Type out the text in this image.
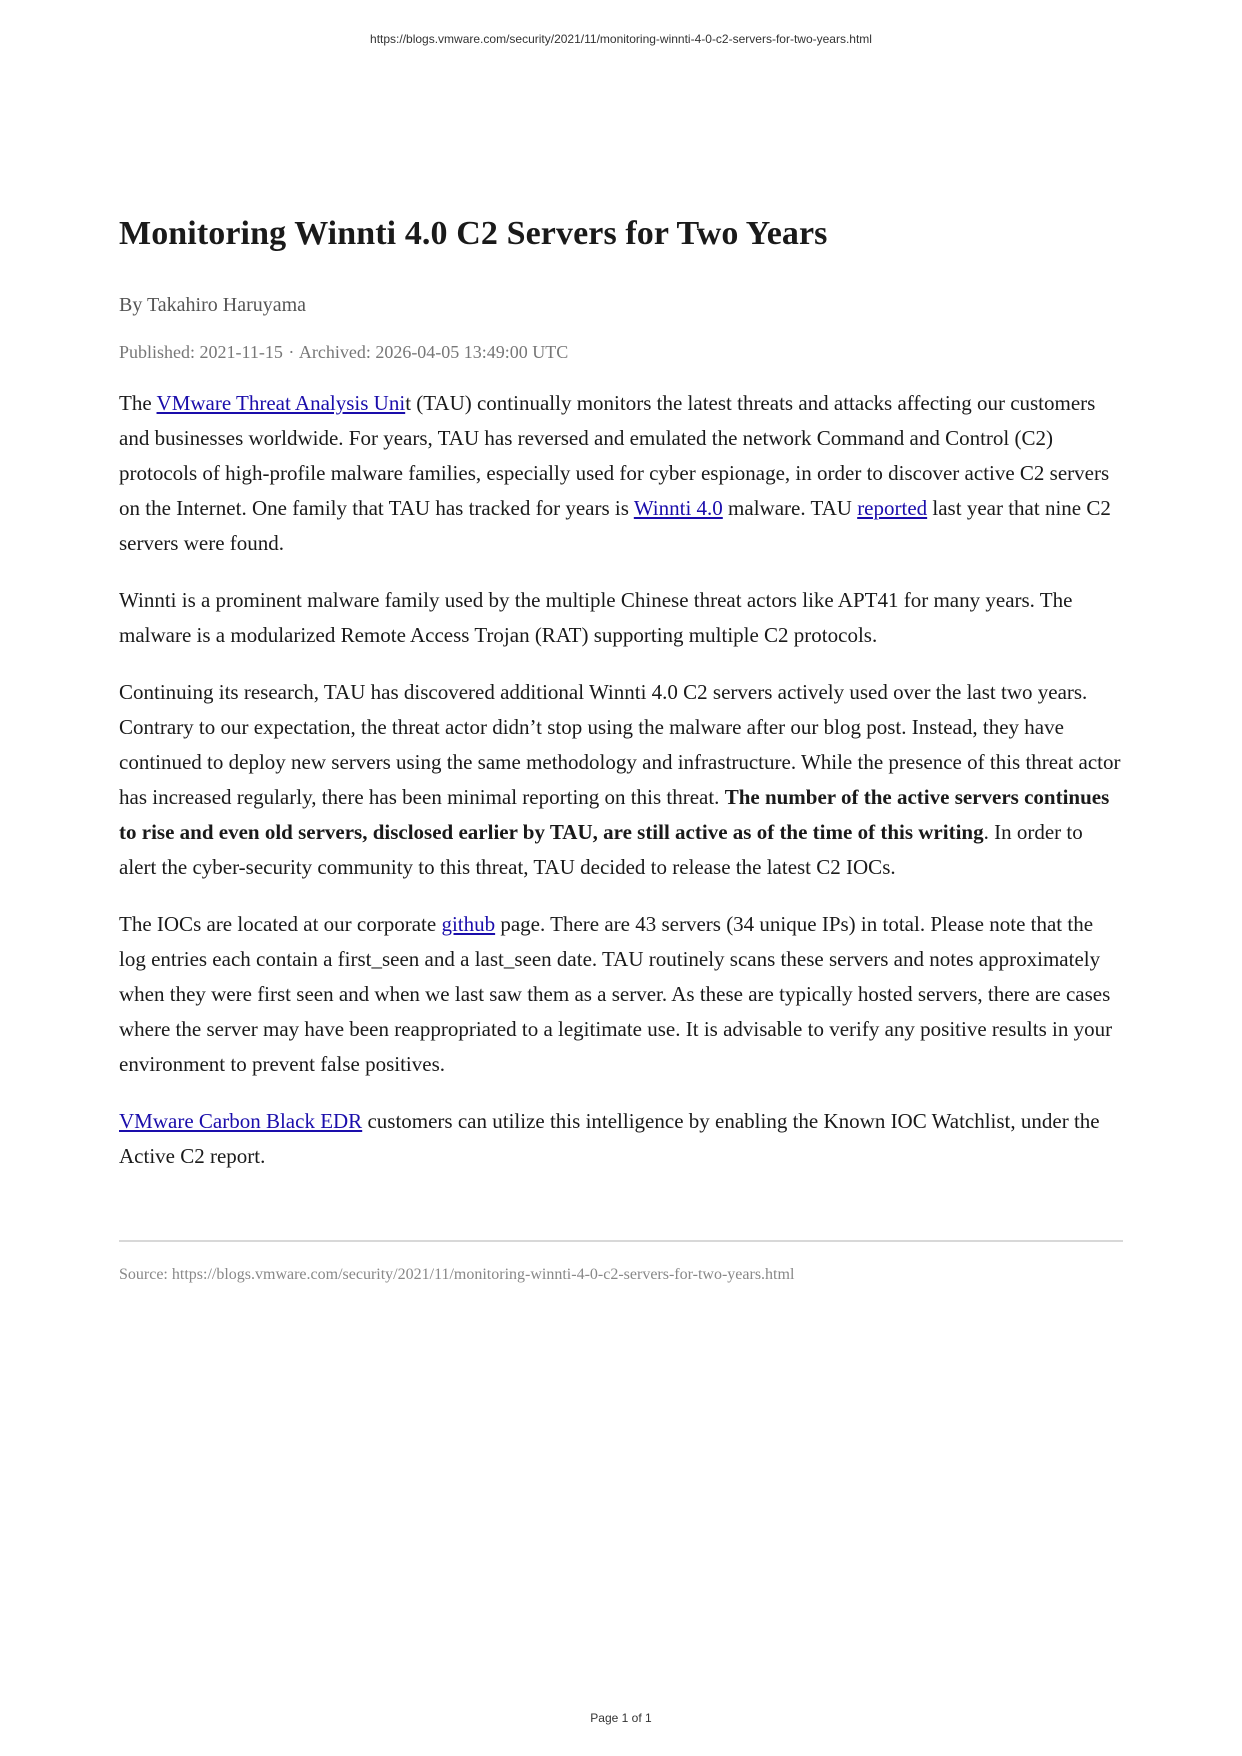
https://blogs.vmware.com/security/2021/11/monitoring-winnti-4-0-c2-servers-for-two-years.html
Monitoring Winnti 4.0 C2 Servers for Two Years
By Takahiro Haruyama
Published: 2021-11-15 · Archived: 2026-04-05 13:49:00 UTC

The VMware Threat Analysis Unit (TAU) continually monitors the latest threats and attacks affecting our customers and businesses worldwide. For years, TAU has reversed and emulated the network Command and Control (C2) protocols of high-profile malware families, especially used for cyber espionage, in order to discover active C2 servers on the Internet. One family that TAU has tracked for years is Winnti 4.0 malware. TAU reported last year that nine C2 servers were found.

Winnti is a prominent malware family used by the multiple Chinese threat actors like APT41 for many years. The malware is a modularized Remote Access Trojan (RAT) supporting multiple C2 protocols.

Continuing its research, TAU has discovered additional Winnti 4.0 C2 servers actively used over the last two years. Contrary to our expectation, the threat actor didn’t stop using the malware after our blog post. Instead, they have continued to deploy new servers using the same methodology and infrastructure. While the presence of this threat actor has increased regularly, there has been minimal reporting on this threat. The number of the active servers continues to rise and even old servers, disclosed earlier by TAU, are still active as of the time of this writing. In order to alert the cyber-security community to this threat, TAU decided to release the latest C2 IOCs.

The IOCs are located at our corporate github page. There are 43 servers (34 unique IPs) in total. Please note that the log entries each contain a first_seen and a last_seen date. TAU routinely scans these servers and notes approximately when they were first seen and when we last saw them as a server. As these are typically hosted servers, there are cases where the server may have been reappropriated to a legitimate use. It is advisable to verify any positive results in your environment to prevent false positives.

VMware Carbon Black EDR customers can utilize this intelligence by enabling the Known IOC Watchlist, under the Active C2 report.

Source: https://blogs.vmware.com/security/2021/11/monitoring-winnti-4-0-c2-servers-for-two-years.html
Page 1 of 1
